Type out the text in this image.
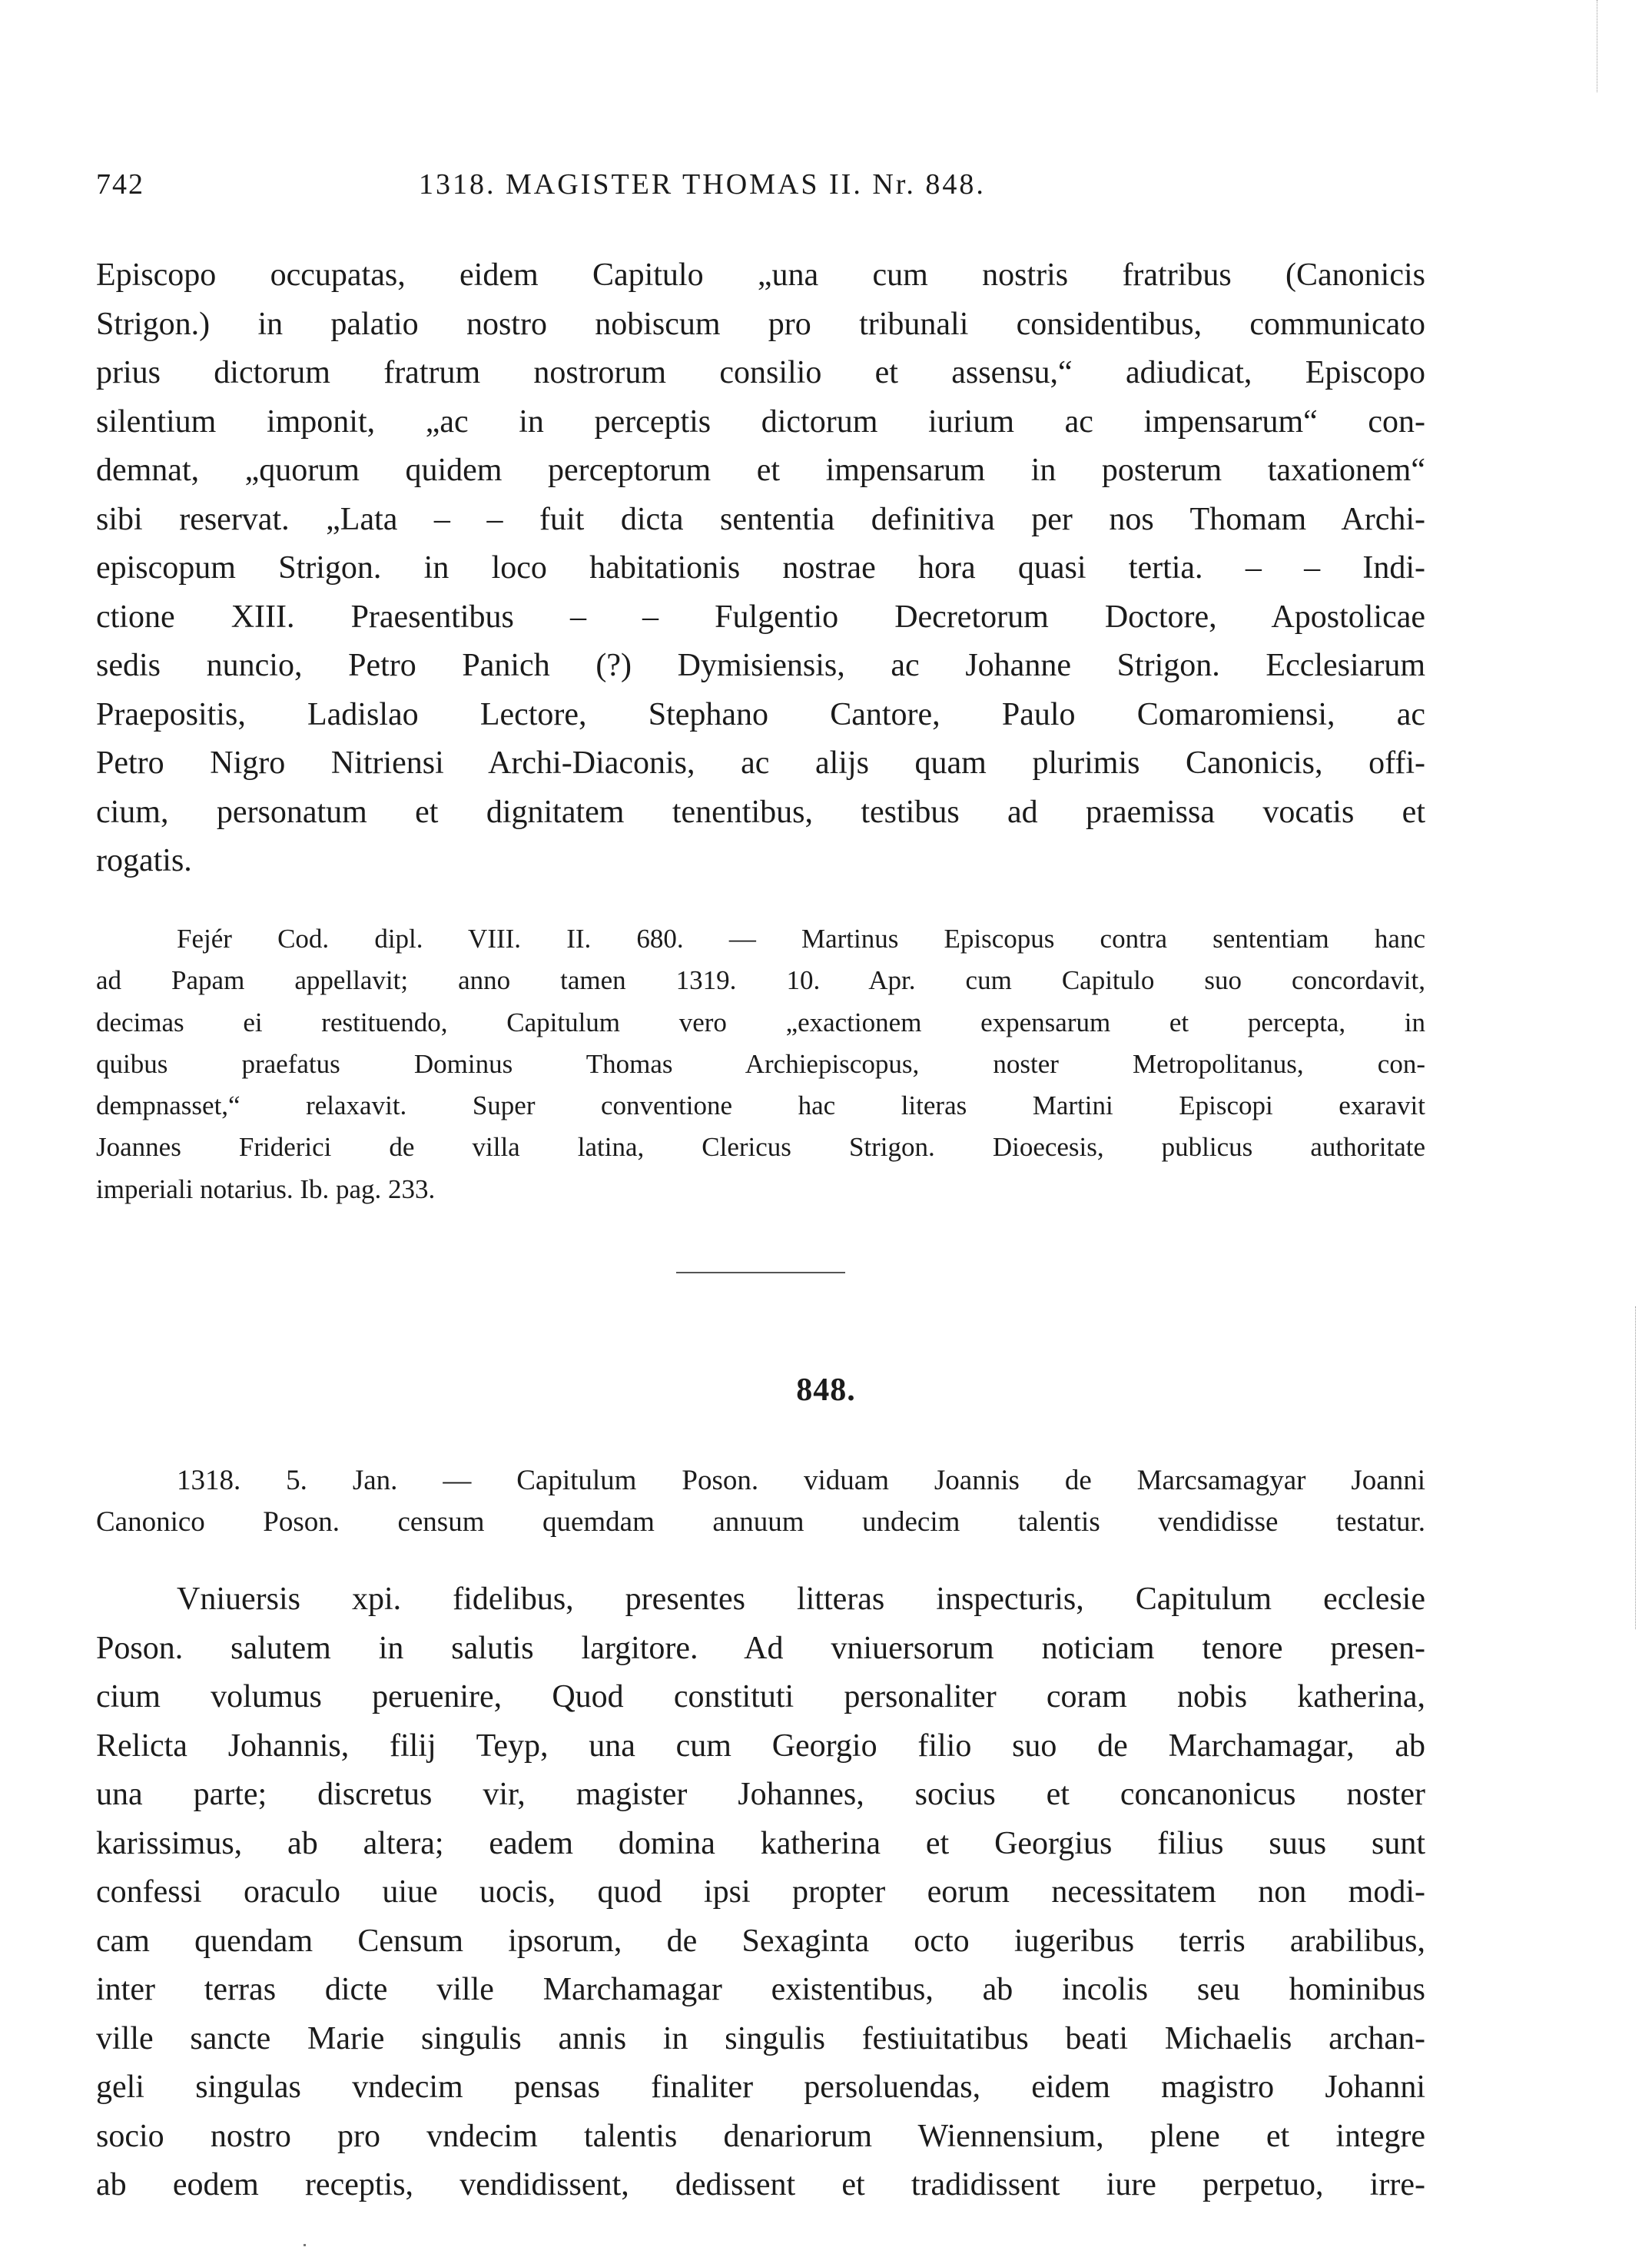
742	1318. MAGISTER THOMAS II. Nr. 848.
Episcopo occupatas, eidem Capitulo „una cum nostris fratribus (Canonicis
Strigon.) in palatio nostro nobiscum pro tribunali considentibus, communicato
prius dictorum fratrum nostrorum consilio et assensu,“ adiudicat, Episcopo
silentium imponit, „ac in perceptis dictorum iurium ac impensarum“ con-
demnat, „quorum quidem perceptorum et impensarum in posterum taxationem“
sibi reservat. „Lata – – fuit dicta sententia definitiva per nos Thomam Archi-
episcopum Strigon. in loco habitationis nostrae hora quasi tertia. – – Indi-
ctione XIII. Praesentibus – – Fulgentio Decretorum Doctore, Apostolicae
sedis nuncio, Petro Panich (?) Dymisiensis, ac Johanne Strigon. Ecclesiarum
Praepositis, Ladislao Lectore, Stephano Cantore, Paulo Comaromiensi, ac
Petro Nigro Nitriensi Archi-Diaconis, ac alijs quam plurimis Canonicis, offi-
cium, personatum et dignitatem tenentibus, testibus ad praemissa vocatis et
rogatis.
Fejér Cod. dipl. VIII. II. 680. — Martinus Episcopus contra sententiam hanc
ad Papam appellavit; anno tamen 1319. 10. Apr. cum Capitulo suo concordavit,
decimas ei restituendo, Capitulum vero „exactionem expensarum et percepta, in
quibus praefatus Dominus Thomas Archiepiscopus, noster Metropolitanus, con-
dempnasset,“ relaxavit. Super conventione hac literas Martini Episcopi exaravit
Joannes Friderici de villa latina, Clericus Strigon. Dioecesis, publicus authoritate
imperiali notarius. Ib. pag. 233.
848.
1318. 5. Jan. — Capitulum Poson. viduam Joannis de Marcsamagyar Joanni
Canonico Poson. censum quemdam annuum undecim talentis vendidisse testatur.
Vniuersis xpi. fidelibus, presentes litteras inspecturis, Capitulum ecclesie
Poson. salutem in salutis largitore. Ad vniuersorum noticiam tenore presen-
cium volumus peruenire, Quod constituti personaliter coram nobis katherina,
Relicta Johannis, filij Teyp, una cum Georgio filio suo de Marchamagar, ab
una parte; discretus vir, magister Johannes, socius et concanonicus noster
karissimus, ab altera; eadem domina katherina et Georgius filius suus sunt
confessi oraculo uiue uocis, quod ipsi propter eorum necessitatem non modi-
cam quendam Censum ipsorum, de Sexaginta octo iugeribus terris arabilibus,
inter terras dicte ville Marchamagar existentibus, ab incolis seu hominibus
ville sancte Marie singulis annis in singulis festiuitatibus beati Michaelis archan-
geli singulas vndecim pensas finaliter persoluendas, eidem magistro Johanni
socio nostro pro vndecim talentis denariorum Wiennensium, plene et integre
ab eodem receptis, vendidissent, dedissent et tradidissent iure perpetuo, irre-
